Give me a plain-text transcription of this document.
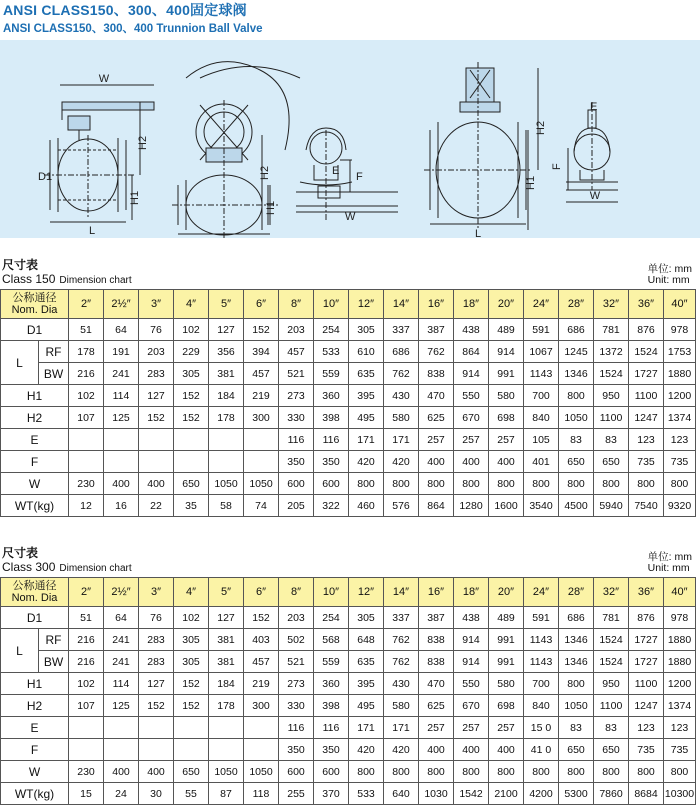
ANSI CLASS150、300、400固定球阀
ANSI CLASS150、300、400 Trunnion Ball Valve
W
D1
H1
H2
L
H2
H1
E F
W
H2
H1
L
E
F
W
尺寸表
Class 150 Dimension chart
单位: mm
Unit: mm
公称通径
Nom. Dia		2″	2½″	3″	4″	5″	6″	8″	10″	12″	14″	16″	18″	20″	24″	28″	32″	36″	40″
D1		51	64	76	102	127	152	203	254	305	337	387	438	489	591	686	781	876	978
L	RF	178	191	203	229	356	394	457	533	610	686	762	864	914	1067	1245	1372	1524	1753
	BW	216	241	283	305	381	457	521	559	635	762	838	914	991	1143	1346	1524	1727	1880
H1		102	114	127	152	184	219	273	360	395	430	470	550	580	700	800	950	1100	1200
H2		107	125	152	152	178	300	330	398	495	580	625	670	698	840	1050	1100	1247	1374
E								116	116	171	171	257	257	257	105	83	83	123	123
F								350	350	420	420	400	400	400	401	650	650	735	735
W		230	400	400	650	1050	1050	600	600	800	800	800	800	800	800	800	800	800	800
WT(kg)		12	16	22	35	58	74	205	322	460	576	864	1280	1600	3540	4500	5940	7540	9320
尺寸表
Class 300 Dimension chart
单位: mm
Unit: mm
公称通径
Nom. Dia		2″	2½″	3″	4″	5″	6″	8″	10″	12″	14″	16″	18″	20″	24″	28″	32″	36″	40″
D1		51	64	76	102	127	152	203	254	305	337	387	438	489	591	686	781	876	978
L	RF	216	241	283	305	381	403	502	568	648	762	838	914	991	1143	1346	1524	1727	1880
	BW	216	241	283	305	381	457	521	559	635	762	838	914	991	1143	1346	1524	1727	1880
H1		102	114	127	152	184	219	273	360	395	430	470	550	580	700	800	950	1100	1200
H2		107	125	152	152	178	300	330	398	495	580	625	670	698	840	1050	1100	1247	1374
E								116	116	171	171	257	257	257	15 0	83	83	123	123
F								350	350	420	420	400	400	400	41 0	650	650	735	735
W		230	400	400	650	1050	1050	600	600	800	800	800	800	800	800	800	800	800	800
WT(kg)		15	24	30	55	87	118	255	370	533	640	1030	1542	2100	4200	5300	7860	8684	10300
